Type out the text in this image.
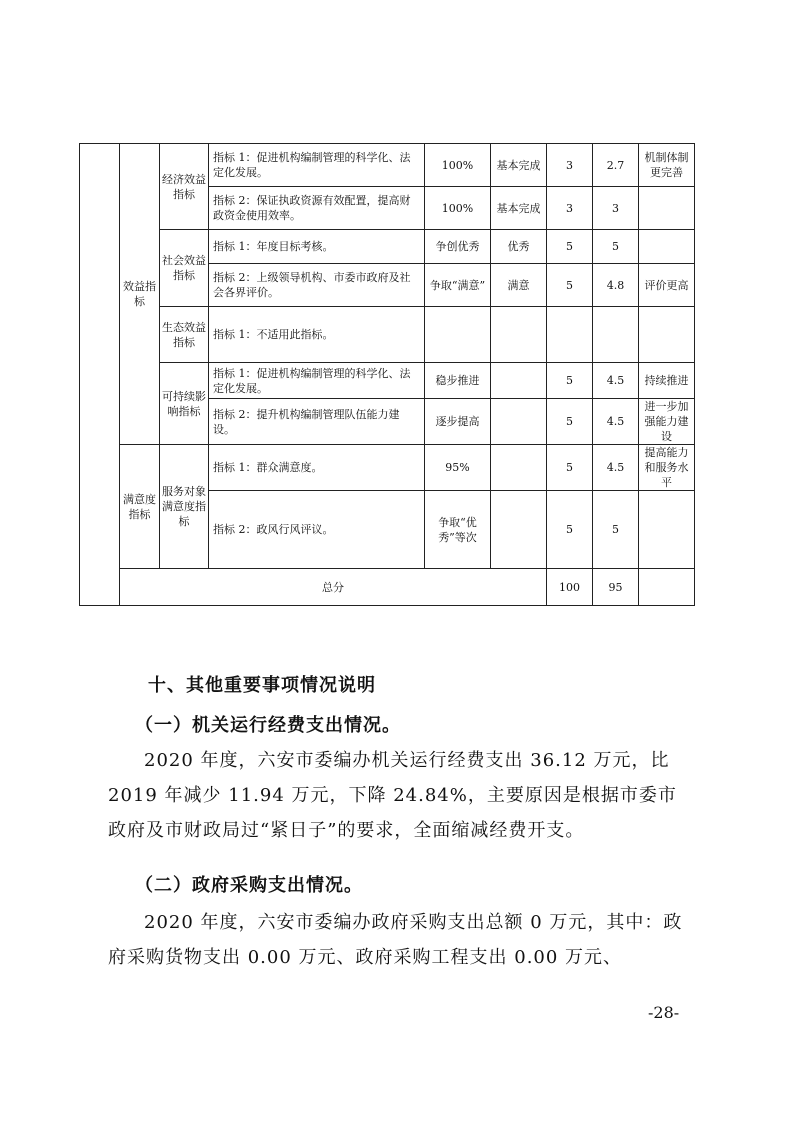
	效益指标	经济效益指标	指标 1：促进机构编制管理的科学化、法定化发展。	100%	基本完成	3	2.7	机制体制更完善
			指标 2：保证执政资源有效配置，提高财政资金使用效率。	100%	基本完成	3	3	
		社会效益指标	指标 1：年度目标考核。	争创优秀	优秀	5	5	
			指标 2：上级领导机构、市委市政府及社会各界评价。	争取“满意”	满意	5	4.8	评价更高
		生态效益指标	指标 1：不适用此指标。					
		可持续影响指标	指标 1：促进机构编制管理的科学化、法定化发展。	稳步推进		5	4.5	持续推进
			指标 2：提升机构编制管理队伍能力建设。	逐步提高		5	4.5	进一步加强能力建设
	满意度指标	服务对象满意度指标	指标 1：群众满意度。	95%		5	4.5	提高能力和服务水平
			指标 2：政风行风评议。	争取“优秀”等次		5	5	
	总分					100	95	
十、其他重要事项情况说明
（一）机关运行经费支出情况。
2020 年度，六安市委编办机关运行经费支出 36.12 万元，比 2019 年减少 11.94 万元，下降 24.84%，主要原因是根据市委市政府及市财政局过“紧日子”的要求，全面缩减经费开支。
（二）政府采购支出情况。
2020 年度，六安市委编办政府采购支出总额 0 万元，其中：政府采购货物支出 0.00 万元、政府采购工程支出 0.00 万元、
-28-
